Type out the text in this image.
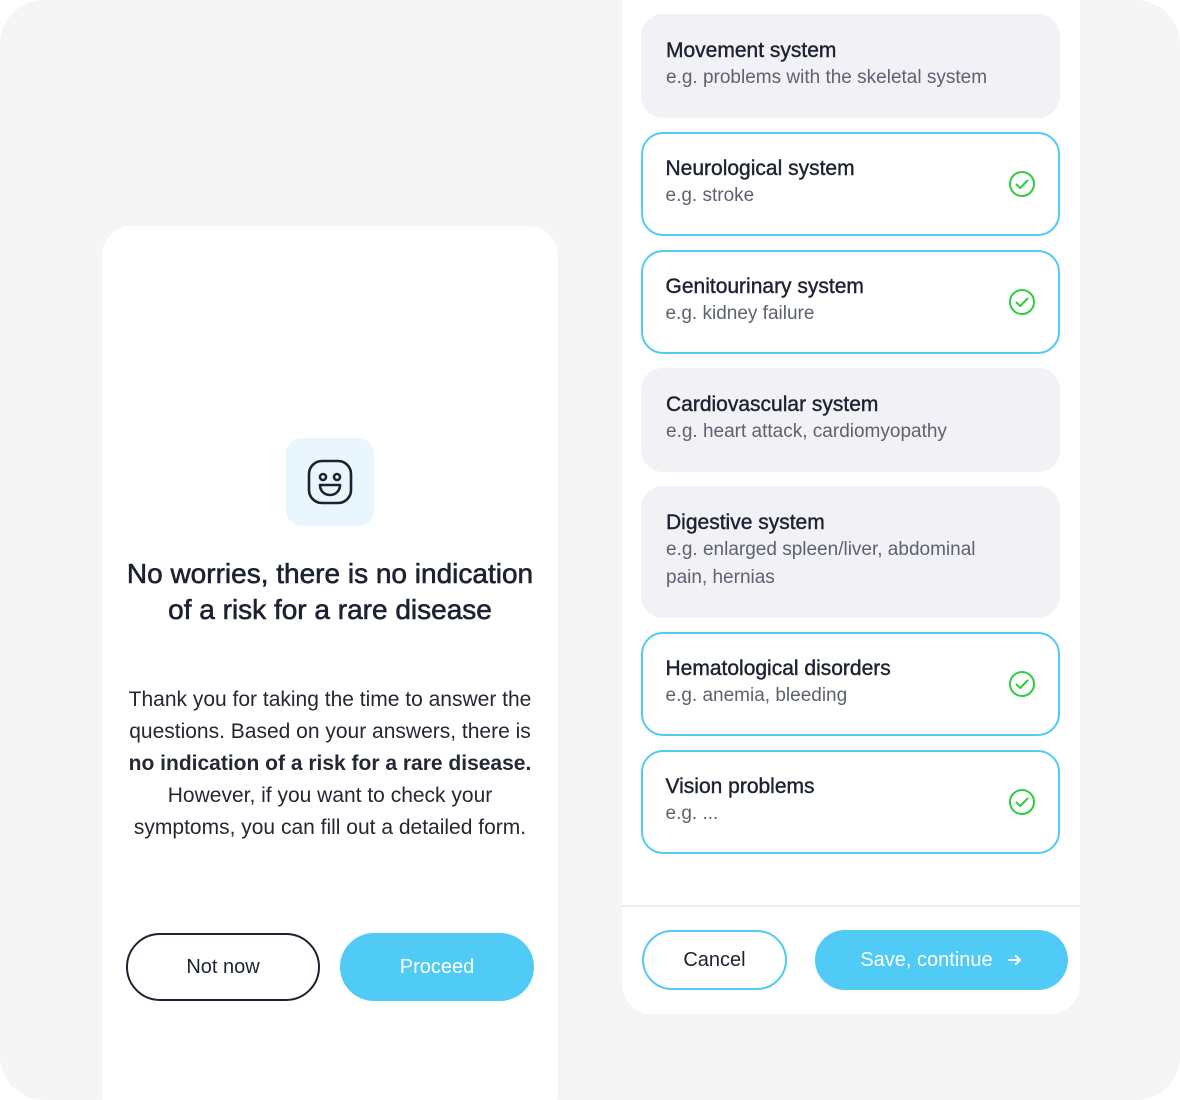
No worries, there is no indication of a risk for a rare disease
Thank you for taking the time to answer the questions. Based on your answers, there is no indication of a risk for a rare disease. However, if you want to check your symptoms, you can fill out a detailed form.
Not now	Proceed
Movement system
e.g. problems with the skeletal system
Neurological system
e.g. stroke
Genitourinary system
e.g. kidney failure
Cardiovascular system
e.g. heart attack, cardiomyopathy
Digestive system
e.g. enlarged spleen/liver, abdominal pain, hernias
Hematological disorders
e.g. anemia, bleeding
Vision problems
e.g. ...
Cancel	Save, continue
